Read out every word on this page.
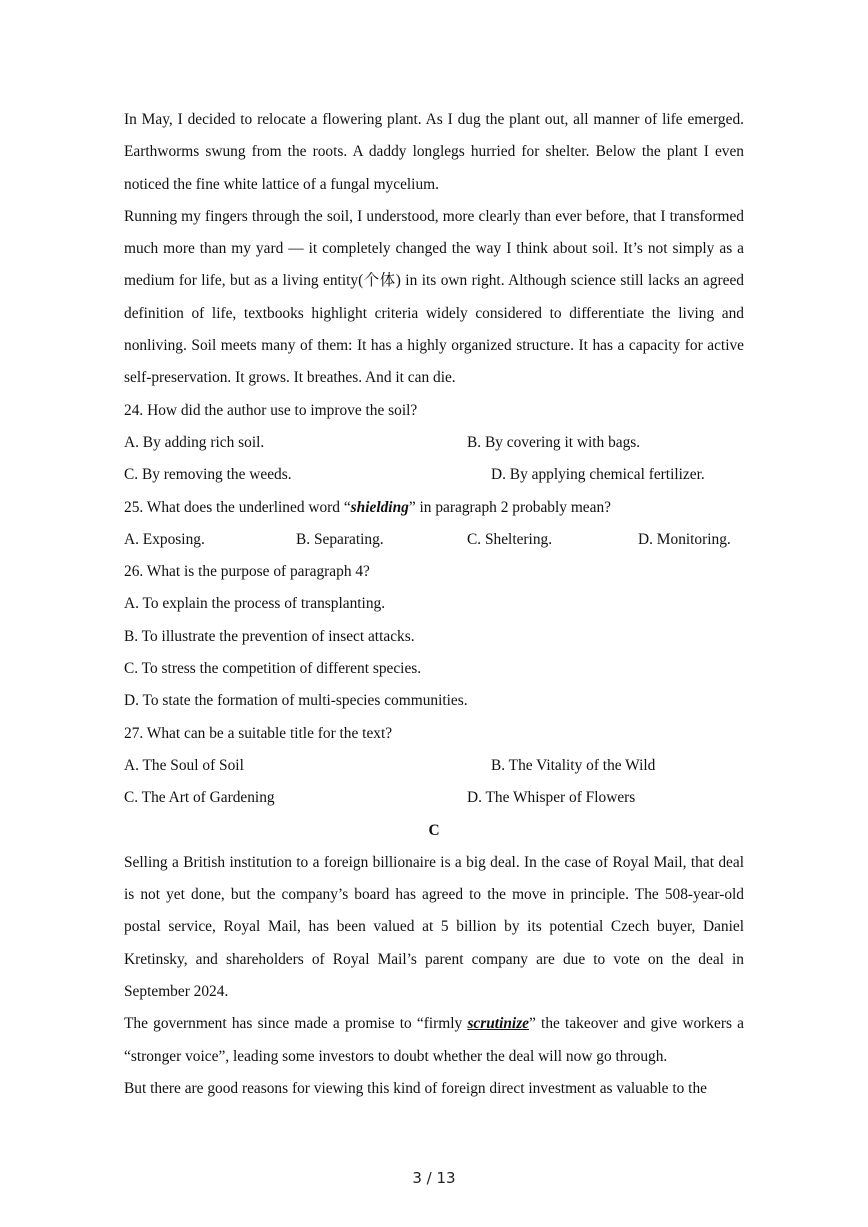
In May, I decided to relocate a flowering plant. As I dug the plant out, all manner of life emerged. Earthworms swung from the roots. A daddy longlegs hurried for shelter. Below the plant I even noticed the fine white lattice of a fungal mycelium.

Running my fingers through the soil, I understood, more clearly than ever before, that I transformed much more than my yard — it completely changed the way I think about soil. It’s not simply as a medium for life, but as a living entity(个体) in its own right. Although science still lacks an agreed definition of life, textbooks highlight criteria widely considered to differentiate the living and nonliving. Soil meets many of them: It has a highly organized structure. It has a capacity for active self-preservation. It grows. It breathes. And it can die.

24. How did the author use to improve the soil?

A. By adding rich soil.	B. By covering it with bags.
C. By removing the weeds.	D. By applying chemical fertilizer.

25. What does the underlined word “shielding” in paragraph 2 probably mean?

A. Exposing.	B. Separating.	C. Sheltering.	D. Monitoring.

26. What is the purpose of paragraph 4?

A. To explain the process of transplanting.

B. To illustrate the prevention of insect attacks.

C. To stress the competition of different species.

D. To state the formation of multi-species communities.

27. What can be a suitable title for the text?

A. The Soul of Soil	B. The Vitality of the Wild
C. The Art of Gardening	D. The Whisper of Flowers

C

Selling a British institution to a foreign billionaire is a big deal. In the case of Royal Mail, that deal is not yet done, but the company’s board has agreed to the move in principle. The 508-year-old postal service, Royal Mail, has been valued at 5 billion by its potential Czech buyer, Daniel Kretinsky, and shareholders of Royal Mail’s parent company are due to vote on the deal in September 2024.

The government has since made a promise to “firmly scrutinize” the takeover and give workers a “stronger voice”, leading some investors to doubt whether the deal will now go through.

But there are good reasons for viewing this kind of foreign direct investment as valuable to the

3 / 13
